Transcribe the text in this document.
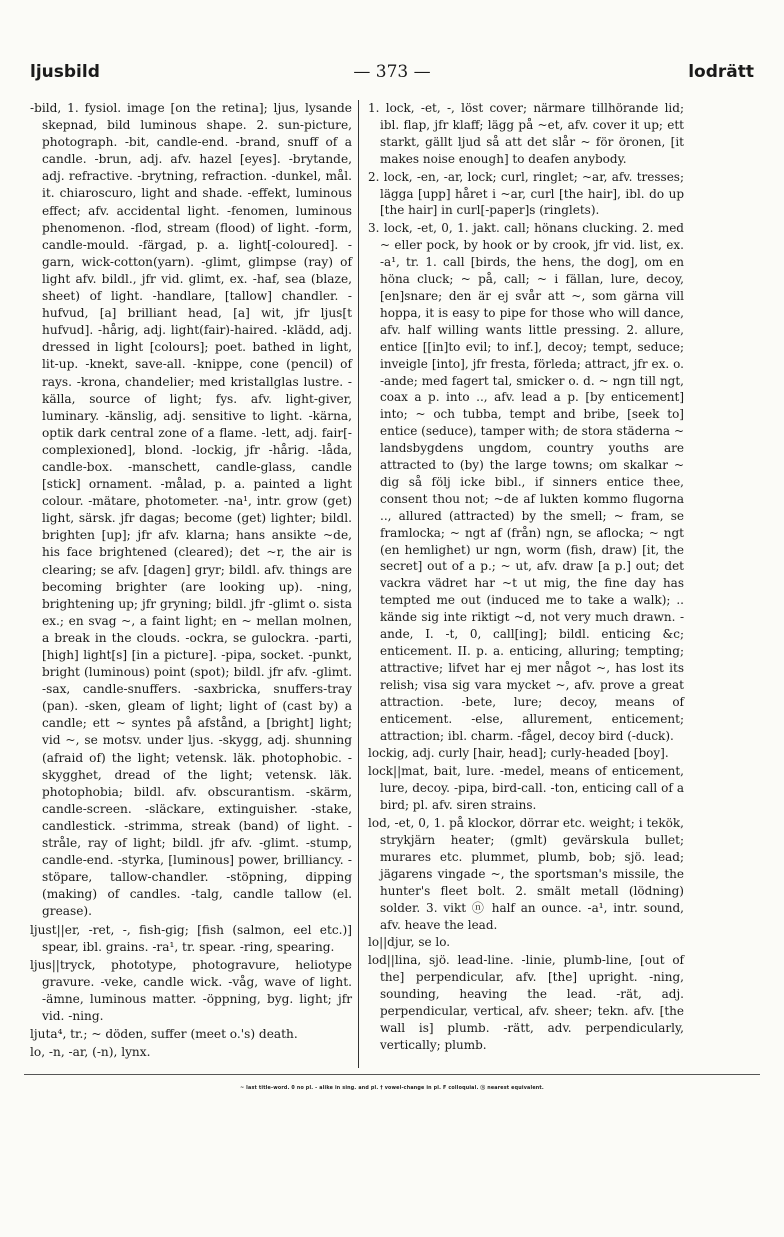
ljusbild	— 373 —	lodrätt

-bild, 1. fysiol. image [on the retina]; ljus, lysande skepnad, bild luminous shape. 2. sun-picture, photograph. -bit, candle-end. -brand, snuff of a candle. -brun, adj. afv. hazel [eyes]. -brytande, adj. refractive. -brytning, refraction. -dunkel, mål. it. chiaroscuro, light and shade. -effekt, luminous effect; afv. accidental light. -fenomen, luminous phenomenon. -flod, stream (flood) of light. -form, candle-mould. -färgad, p. a. light[-coloured]. -garn, wick-cotton(yarn). -glimt, glimpse (ray) of light afv. bildl., jfr vid. glimt, ex. -haf, sea (blaze, sheet) of light. -handlare, [tallow] chandler. -hufvud, [a] brilliant head, [a] wit, jfr ljus[t hufvud]. -hårig, adj. light(fair)-haired. -klädd, adj. dressed in light [colours]; poet. bathed in light, lit-up. -knekt, save-all. -knippe, cone (pencil) of rays. -krona, chandelier; med kristallglas lustre. -källa, source of light; fys. afv. light-giver, luminary. -känslig, adj. sensitive to light. -kärna, optik dark central zone of a flame. -lett, adj. fair[-complexioned], blond. -lockig, jfr -hårig. -låda, candle-box. -manschett, candle-glass, candle [stick] ornament. -målad, p. a. painted a light colour. -mätare, photometer. -na¹, intr. grow (get) light, särsk. jfr dagas; become (get) lighter; bildl. brighten [up]; jfr afv. klarna; hans ansikte ~de, his face brightened (cleared); det ~r, the air is clearing; se afv. [dagen] gryr; bildl. afv. things are becoming brighter (are looking up). -ning, brightening up; jfr gryning; bildl. jfr -glimt o. sista ex.; en svag ~, a faint light; en ~ mellan molnen, a break in the clouds. -ockra, se gulockra. -parti, [high] light[s] [in a picture]. -pipa, socket. -punkt, bright (luminous) point (spot); bildl. jfr afv. -glimt. -sax, candle-snuffers. -saxbricka, snuffers-tray (pan). -sken, gleam of light; light of (cast by) a candle; ett ~ syntes på afstånd, a [bright] light; vid ~, se motsv. under ljus. -skygg, adj. shunning (afraid of) the light; vetensk. läk. photophobic. -skygghet, dread of the light; vetensk. läk. photophobia; bildl. afv. obscurantism. -skärm, candle-screen. -släckare, extinguisher. -stake, candlestick. -strimma, streak (band) of light. -stråle, ray of light; bildl. jfr afv. -glimt. -stump, candle-end. -styrka, [luminous] power, brilliancy. -stöpare, tallow-chandler. -stöpning, dipping (making) of candles. -talg, candle tallow (el. grease).

ljust||er, -ret, -, fish-gig; [fish (salmon, eel etc.)] spear, ibl. grains. -ra¹, tr. spear. -ring, spearing.

ljus||tryck, phototype, photogravure, heliotype gravure. -veke, candle wick. -våg, wave of light. -ämne, luminous matter. -öppning, byg. light; jfr vid. -ning.

ljuta⁴, tr.; ~ döden, suffer (meet o.'s) death.

lo, -n, -ar, (-n), lynx.

1. lock, -et, -, löst cover; närmare tillhörande lid; ibl. flap, jfr klaff; lägg på ~et, afv. cover it up; ett starkt, gällt ljud så att det slår ~ för öronen, [it makes noise enough] to deafen anybody.

2. lock, -en, -ar, lock; curl, ringlet; ~ar, afv. tresses; lägga [upp] håret i ~ar, curl [the hair], ibl. do up [the hair] in curl[-paper]s (ringlets).

3. lock, -et, 0, 1. jakt. call; hönans clucking. 2. med ~ eller pock, by hook or by crook, jfr vid. list, ex. -a¹, tr. 1. call [birds, the hens, the dog], om en höna cluck; ~ på, call; ~ i fällan, lure, decoy, [en]snare; den är ej svår att ~, som gärna vill hoppa, it is easy to pipe for those who will dance, afv. half willing wants little pressing. 2. allure, entice [[in]to evil; to inf.], decoy; tempt, seduce; inveigle [into], jfr fresta, förleda; attract, jfr ex. o. -ande; med fagert tal, smicker o. d. ~ ngn till ngt, coax a p. into .., afv. lead a p. [by enticement] into; ~ och tubba, tempt and bribe, [seek to] entice (seduce), tamper with; de stora städerna ~ landsbygdens ungdom, country youths are attracted to (by) the large towns; om skalkar ~ dig så följ icke bibl., if sinners entice thee, consent thou not; ~de af lukten kommo flugorna .., allured (attracted) by the smell; ~ fram, se framlocka; ~ ngt af (från) ngn, se aflocka; ~ ngt (en hemlighet) ur ngn, worm (fish, draw) [it, the secret] out of a p.; ~ ut, afv. draw [a p.] out; det vackra vädret har ~t ut mig, the fine day has tempted me out (induced me to take a walk); .. kände sig inte riktigt ~d, not very much drawn. -ande, I. -t, 0, call[ing]; bildl. enticing &c; enticement. II. p. a. enticing, alluring; tempting; attractive; lifvet har ej mer något ~, has lost its relish; visa sig vara mycket ~, afv. prove a great attraction. -bete, lure; decoy, means of enticement. -else, allurement, enticement; attraction; ibl. charm. -fågel, decoy bird (-duck).

lockig, adj. curly [hair, head]; curly-headed [boy].

lock||mat, bait, lure. -medel, means of enticement, lure, decoy. -pipa, bird-call. -ton, enticing call of a bird; pl. afv. siren strains.

lod, -et, 0, 1. på klockor, dörrar etc. weight; i tekök, strykjärn heater; (gmlt) gevärskula bullet; murares etc. plummet, plumb, bob; sjö. lead; jägarens vingade ~, the sportsman's missile, the hunter's fleet bolt. 2. smält metall (lödning) solder. 3. vikt ⓝ half an ounce. -a¹, intr. sound, afv. heave the lead.

lo||djur, se lo.

lod||lina, sjö. lead-line. -linie, plumb-line, [out of the] perpendicular, afv. [the] upright. -ning, sounding, heaving the lead. -rät, adj. perpendicular, vertical, afv. sheer; tekn. afv. [the wall is] plumb. -rätt, adv. perpendicularly, vertically; plumb.

~ last title-word. 0 no pl. - alike in sing. and pl. † vowel-change in pl. F colloquial. ⓝ nearest equivalent.
